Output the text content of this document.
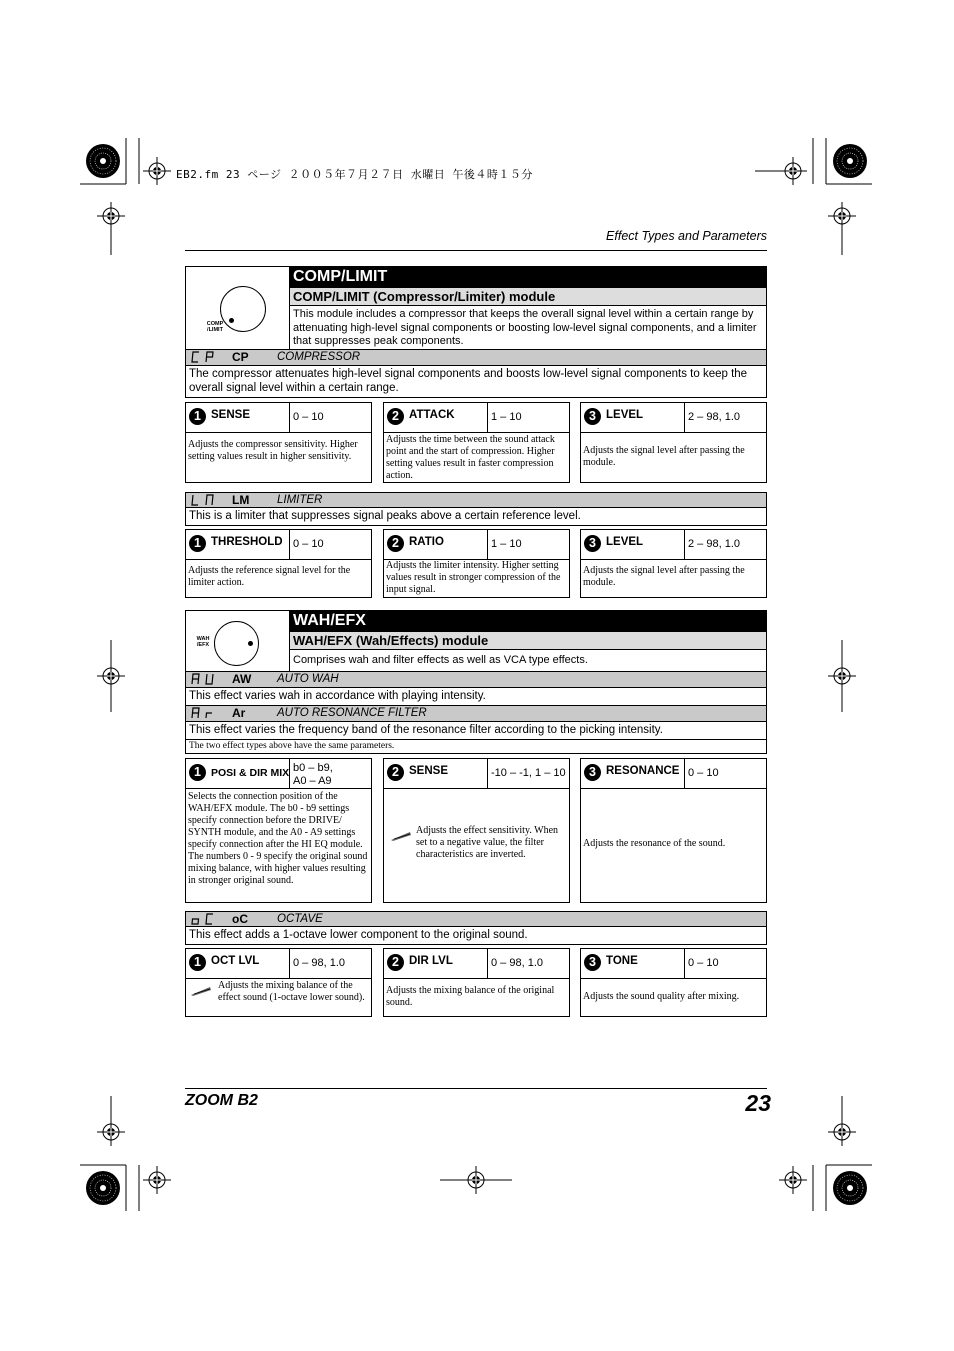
EB2.fm 23 ページ ２００５年７月２７日 水曜日 午後４時１５分
Effect Types and Parameters
COMP
/LIMIT
COMP/LIMIT
COMP/LIMIT (Compressor/Limiter) module
This module includes a compressor that keeps the overall signal level within a certain range by attenuating high-level signal components or boosting low-level signal components, and a limiter that suppresses peak components.
CP COMPRESSOR
The compressor attenuates high-level signal components and boosts low-level signal components to keep the overall signal level within a certain range.
1 SENSE	0 – 10
Adjusts the compressor sensitivity. Higher setting values result in higher sensitivity.
2 ATTACK	1 – 10
Adjusts the time between the sound attack point and the start of compression. Higher setting values result in faster compression action.
3 LEVEL	2 – 98, 1.0
Adjusts the signal level after passing the module.
LM LIMITER
This is a limiter that suppresses signal peaks above a certain reference level.
1 THRESHOLD 0 – 10
Adjusts the reference signal level for the limiter action.
2 RATIO	1 – 10
Adjusts the limiter intensity. Higher setting values result in stronger compression of the input signal.
3 LEVEL	2 – 98, 1.0
Adjusts the signal level after passing the module.
WAH
/EFX
WAH/EFX
WAH/EFX (Wah/Effects) module
Comprises wah and filter effects as well as VCA type effects.
AW AUTO WAH
This effect varies wah in accordance with playing intensity.
Ar	AUTO RESONANCE FILTER
This effect varies the frequency band of the resonance filter according to the picking intensity.
The two effect types above have the same parameters.
1 POSI & DIR MIX b0 – b9,
A0 – A9
Selects the connection position of the WAH/EFX module. The b0 - b9 settings specify connection before the DRIVE/ SYNTH module, and the A0 - A9 settings specify connection after the HI EQ module. The numbers 0 - 9 specify the original sound mixing balance, with higher values resulting in stronger original sound.
2 SENSE	-10 – -1, 1 – 10
Adjusts the effect sensitivity. When set to a negative value, the filter characteristics are inverted.
3 RESONANCE 0 – 10
Adjusts the resonance of the sound.
oC	OCTAVE
This effect adds a 1-octave lower component to the original sound.
1 OCT LVL	0 – 98, 1.0
Adjusts the mixing balance of the effect sound (1-octave lower sound).
2 DIR LVL	0 – 98, 1.0
Adjusts the mixing balance of the original sound.
3 TONE	0 – 10
Adjusts the sound quality after mixing.
ZOOM B2	23
